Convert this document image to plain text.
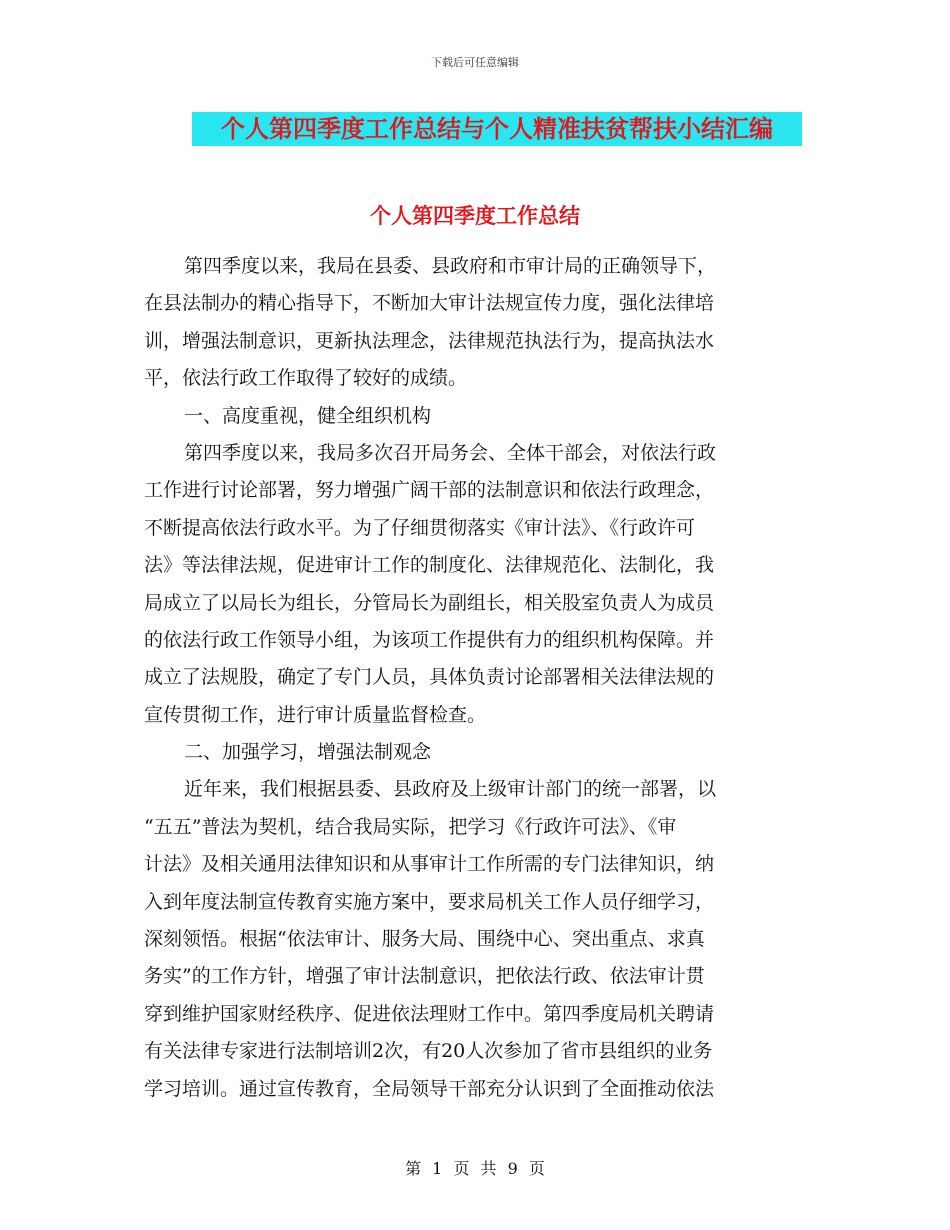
下载后可任意编辑
个人第四季度工作总结与个人精准扶贫帮扶小结汇编
个人第四季度工作总结
第四季度以来，我局在县委、县政府和市审计局的正确领导下，
在县法制办的精心指导下，不断加大审计法规宣传力度，强化法律培
训，增强法制意识，更新执法理念，法律规范执法行为，提高执法水
平，依法行政工作取得了较好的成绩。
一、高度重视，健全组织机构
第四季度以来，我局多次召开局务会、全体干部会，对依法行政
工作进行讨论部署，努力增强广阔干部的法制意识和依法行政理念，
不断提高依法行政水平。为了仔细贯彻落实《审计法》、《行政许可
法》等法律法规，促进审计工作的制度化、法律规范化、法制化，我
局成立了以局长为组长，分管局长为副组长，相关股室负责人为成员
的依法行政工作领导小组，为该项工作提供有力的组织机构保障。并
成立了法规股，确定了专门人员，具体负责讨论部署相关法律法规的
宣传贯彻工作，进行审计质量监督检查。
二、加强学习，增强法制观念
近年来，我们根据县委、县政府及上级审计部门的统一部署，以
“五五”普法为契机，结合我局实际，把学习《行政许可法》、《审
计法》及相关通用法律知识和从事审计工作所需的专门法律知识，纳
入到年度法制宣传教育实施方案中，要求局机关工作人员仔细学习，
深刻领悟。根据“依法审计、服务大局、围绕中心、突出重点、求真
务实”的工作方针，增强了审计法制意识，把依法行政、依法审计贯
穿到维护国家财经秩序、促进依法理财工作中。第四季度局机关聘请
有关法律专家进行法制培训2次，有20人次参加了省市县组织的业务
学习培训。通过宣传教育，全局领导干部充分认识到了全面推动依法
第 1 页 共 9 页
